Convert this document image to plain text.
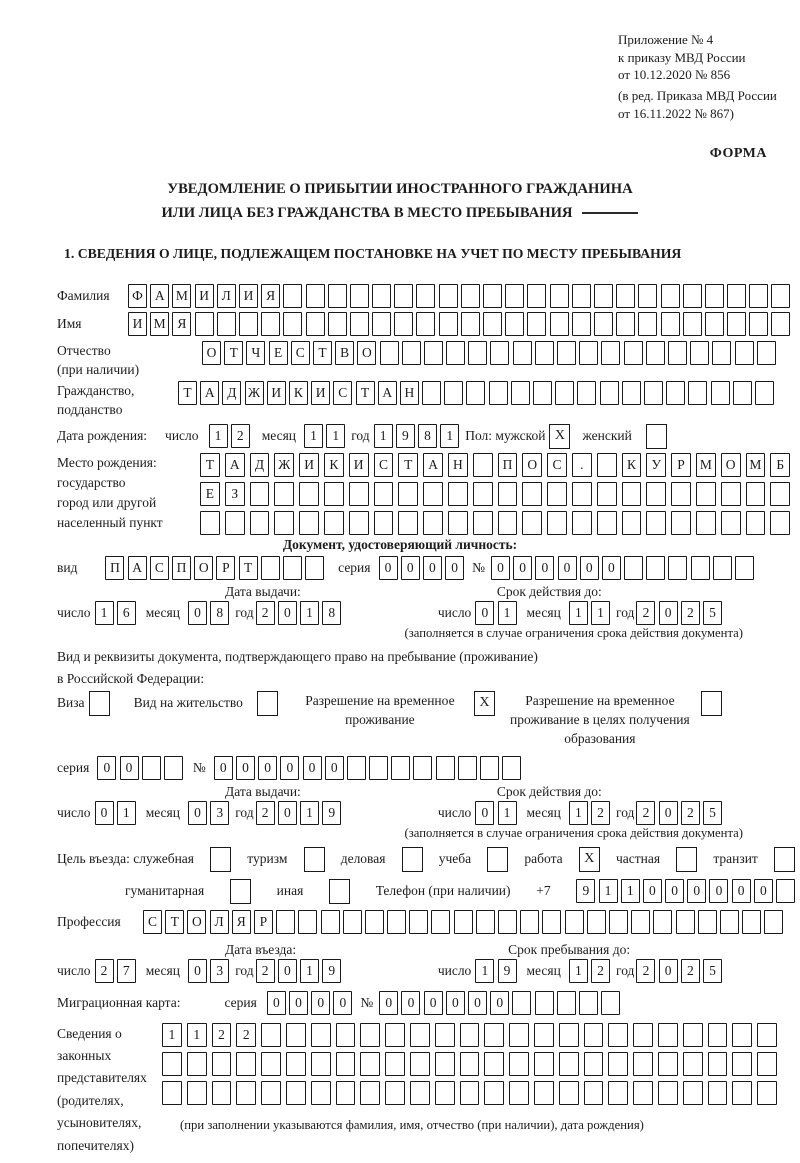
Приложение № 4
к приказу МВД России
от 10.12.2020 № 856
(в ред. Приказа МВД России
от 16.11.2022 № 867)
ФОРМА
УВЕДОМЛЕНИЕ О ПРИБЫТИИ ИНОСТРАННОГО ГРАЖДАНИНА
ИЛИ ЛИЦА БЕЗ ГРАЖДАНСТВА В МЕСТО ПРЕБЫВАНИЯ
1. СВЕДЕНИЯ О ЛИЦЕ, ПОДЛЕЖАЩЕМ ПОСТАНОВКЕ НА УЧЕТ ПО МЕСТУ ПРЕБЫВАНИЯ
Фамилия	Ф А М И Л И Я
Имя	И М Я
Отчество
(при наличии)
О Т	Ч	Е	С	Т	В О
Гражданство,
подданство
Т А Д Ж И К И С	Т А Н
Дата рождения: число	1	2	месяц	1	1 год 1	9	8	1 Пол: мужской X	женский
Место рождения:
государство
город или другой
населенный пункт
Т	А	Д	Ж	И	К	И	С	Т	А	Н	П	О	С	.	К	У	Р	М	О	М	Б
Е	З
Документ, удостоверяющий личность:
вид	П А С П О	Р	Т	серия	0	0	0	0	№ 0	0	0	0	0	0
Дата выдачи:	Срок действия до:
число 1	6	месяц	0	8 год 2	0	1	8	число 0	1	месяц	1	1 год 2	0	2	5
(заполняется в случае ограничения срока действия документа)
Вид и реквизиты документа, подтверждающего право на пребывание (проживание)
в Российской Федерации:
Виза	Вид на жительство	Разрешение на временное проживание
X	Разрешение на временное проживание в целях получения образования
серия	0	0	№	0	0	0	0	0	0
Дата выдачи:	Срок действия до:
число 0	1	месяц	0	3 год 2	0	1	9	число 0	1	месяц	1	2 год 2	0	2	5
(заполняется в случае ограничения срока действия документа)
Цель въезда: служебная	туризм	деловая	учеба	работа	X	частная	транзит
гуманитарная	иная	Телефон (при наличии) +7	9	1	1	0	0	0	0	0	0
Профессия	С	Т О Л Я	Р
Дата въезда:	Срок пребывания до:
число 2	7	месяц	0	3 год 2	0	1	9	число 1	9	месяц	1	2 год 2	0	2	5
Миграционная карта:	серия	0	0	0	0	№ 0	0	0	0	0	0
Сведения о
законных
представителях
(родителях,
усыновителях,
попечителях)
1	1	2	2
(при заполнении указываются фамилия, имя, отчество (при наличии), дата рождения)
